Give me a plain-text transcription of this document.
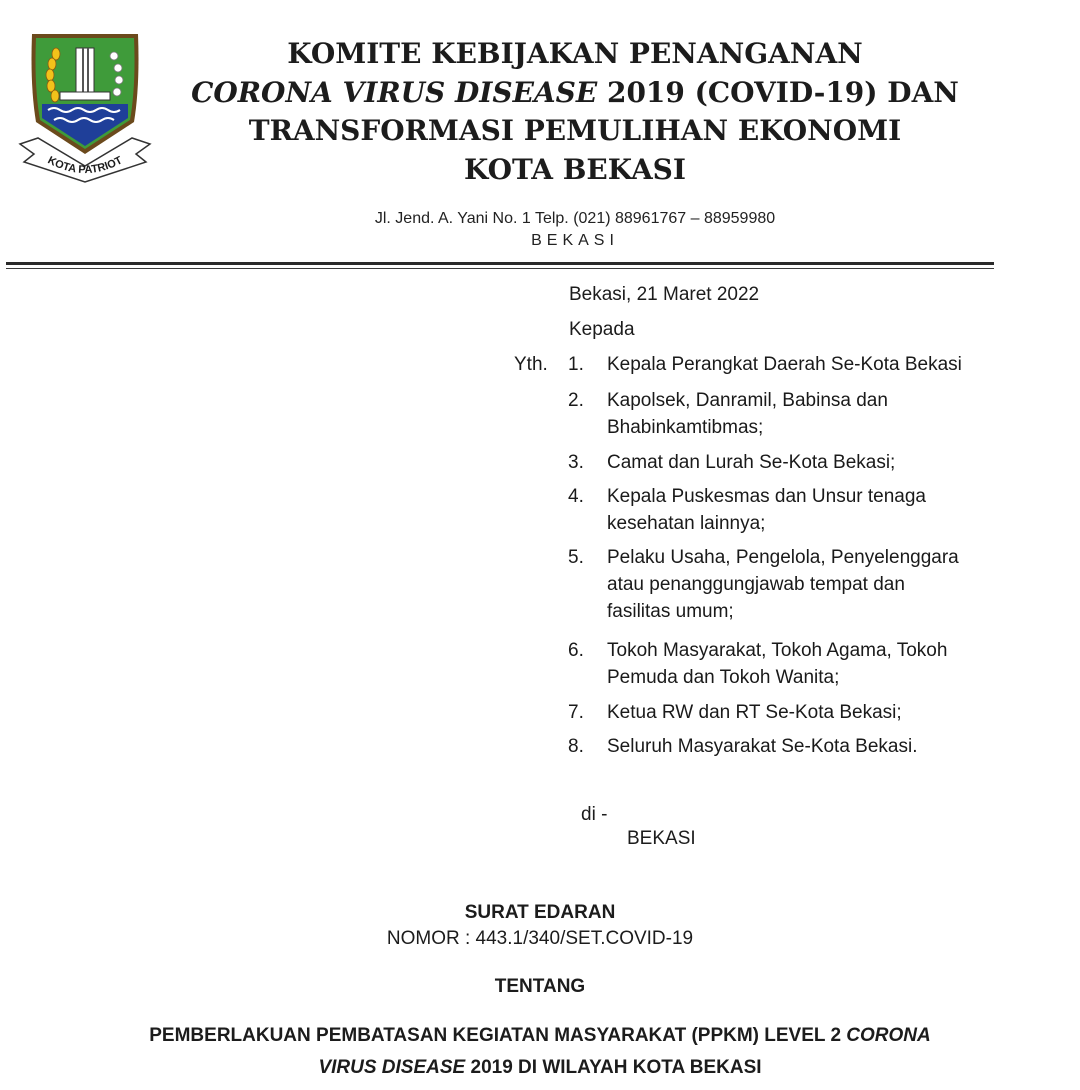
KOTA PATRIOT
KOMITE KEBIJAKAN PENANGANAN
CORONA VIRUS DISEASE 2019 (COVID-19) DAN
TRANSFORMASI PEMULIHAN EKONOMI
KOTA BEKASI
Jl. Jend. A. Yani No. 1 Telp. (021) 88961767 – 88959980
BEKASI
Bekasi, 21 Maret 2022
Kepada
Yth. 1. Kepala Perangkat Daerah Se-Kota Bekasi
2. Kapolsek, Danramil, Babinsa dan
Bhabinkamtibmas;
3. Camat dan Lurah Se-Kota Bekasi;
4. Kepala Puskesmas dan Unsur tenaga
kesehatan lainnya;
5. Pelaku Usaha, Pengelola, Penyelenggara
atau penanggungjawab tempat dan
fasilitas umum;
6. Tokoh Masyarakat, Tokoh Agama, Tokoh
Pemuda dan Tokoh Wanita;
7. Ketua RW dan RT Se-Kota Bekasi;
8. Seluruh Masyarakat Se-Kota Bekasi.
di -
BEKASI
SURAT EDARAN
NOMOR : 443.1/340/SET.COVID-19
TENTANG
PEMBERLAKUAN PEMBATASAN KEGIATAN MASYARAKAT (PPKM) LEVEL 2 CORONA
VIRUS DISEASE 2019 DI WILAYAH KOTA BEKASI
